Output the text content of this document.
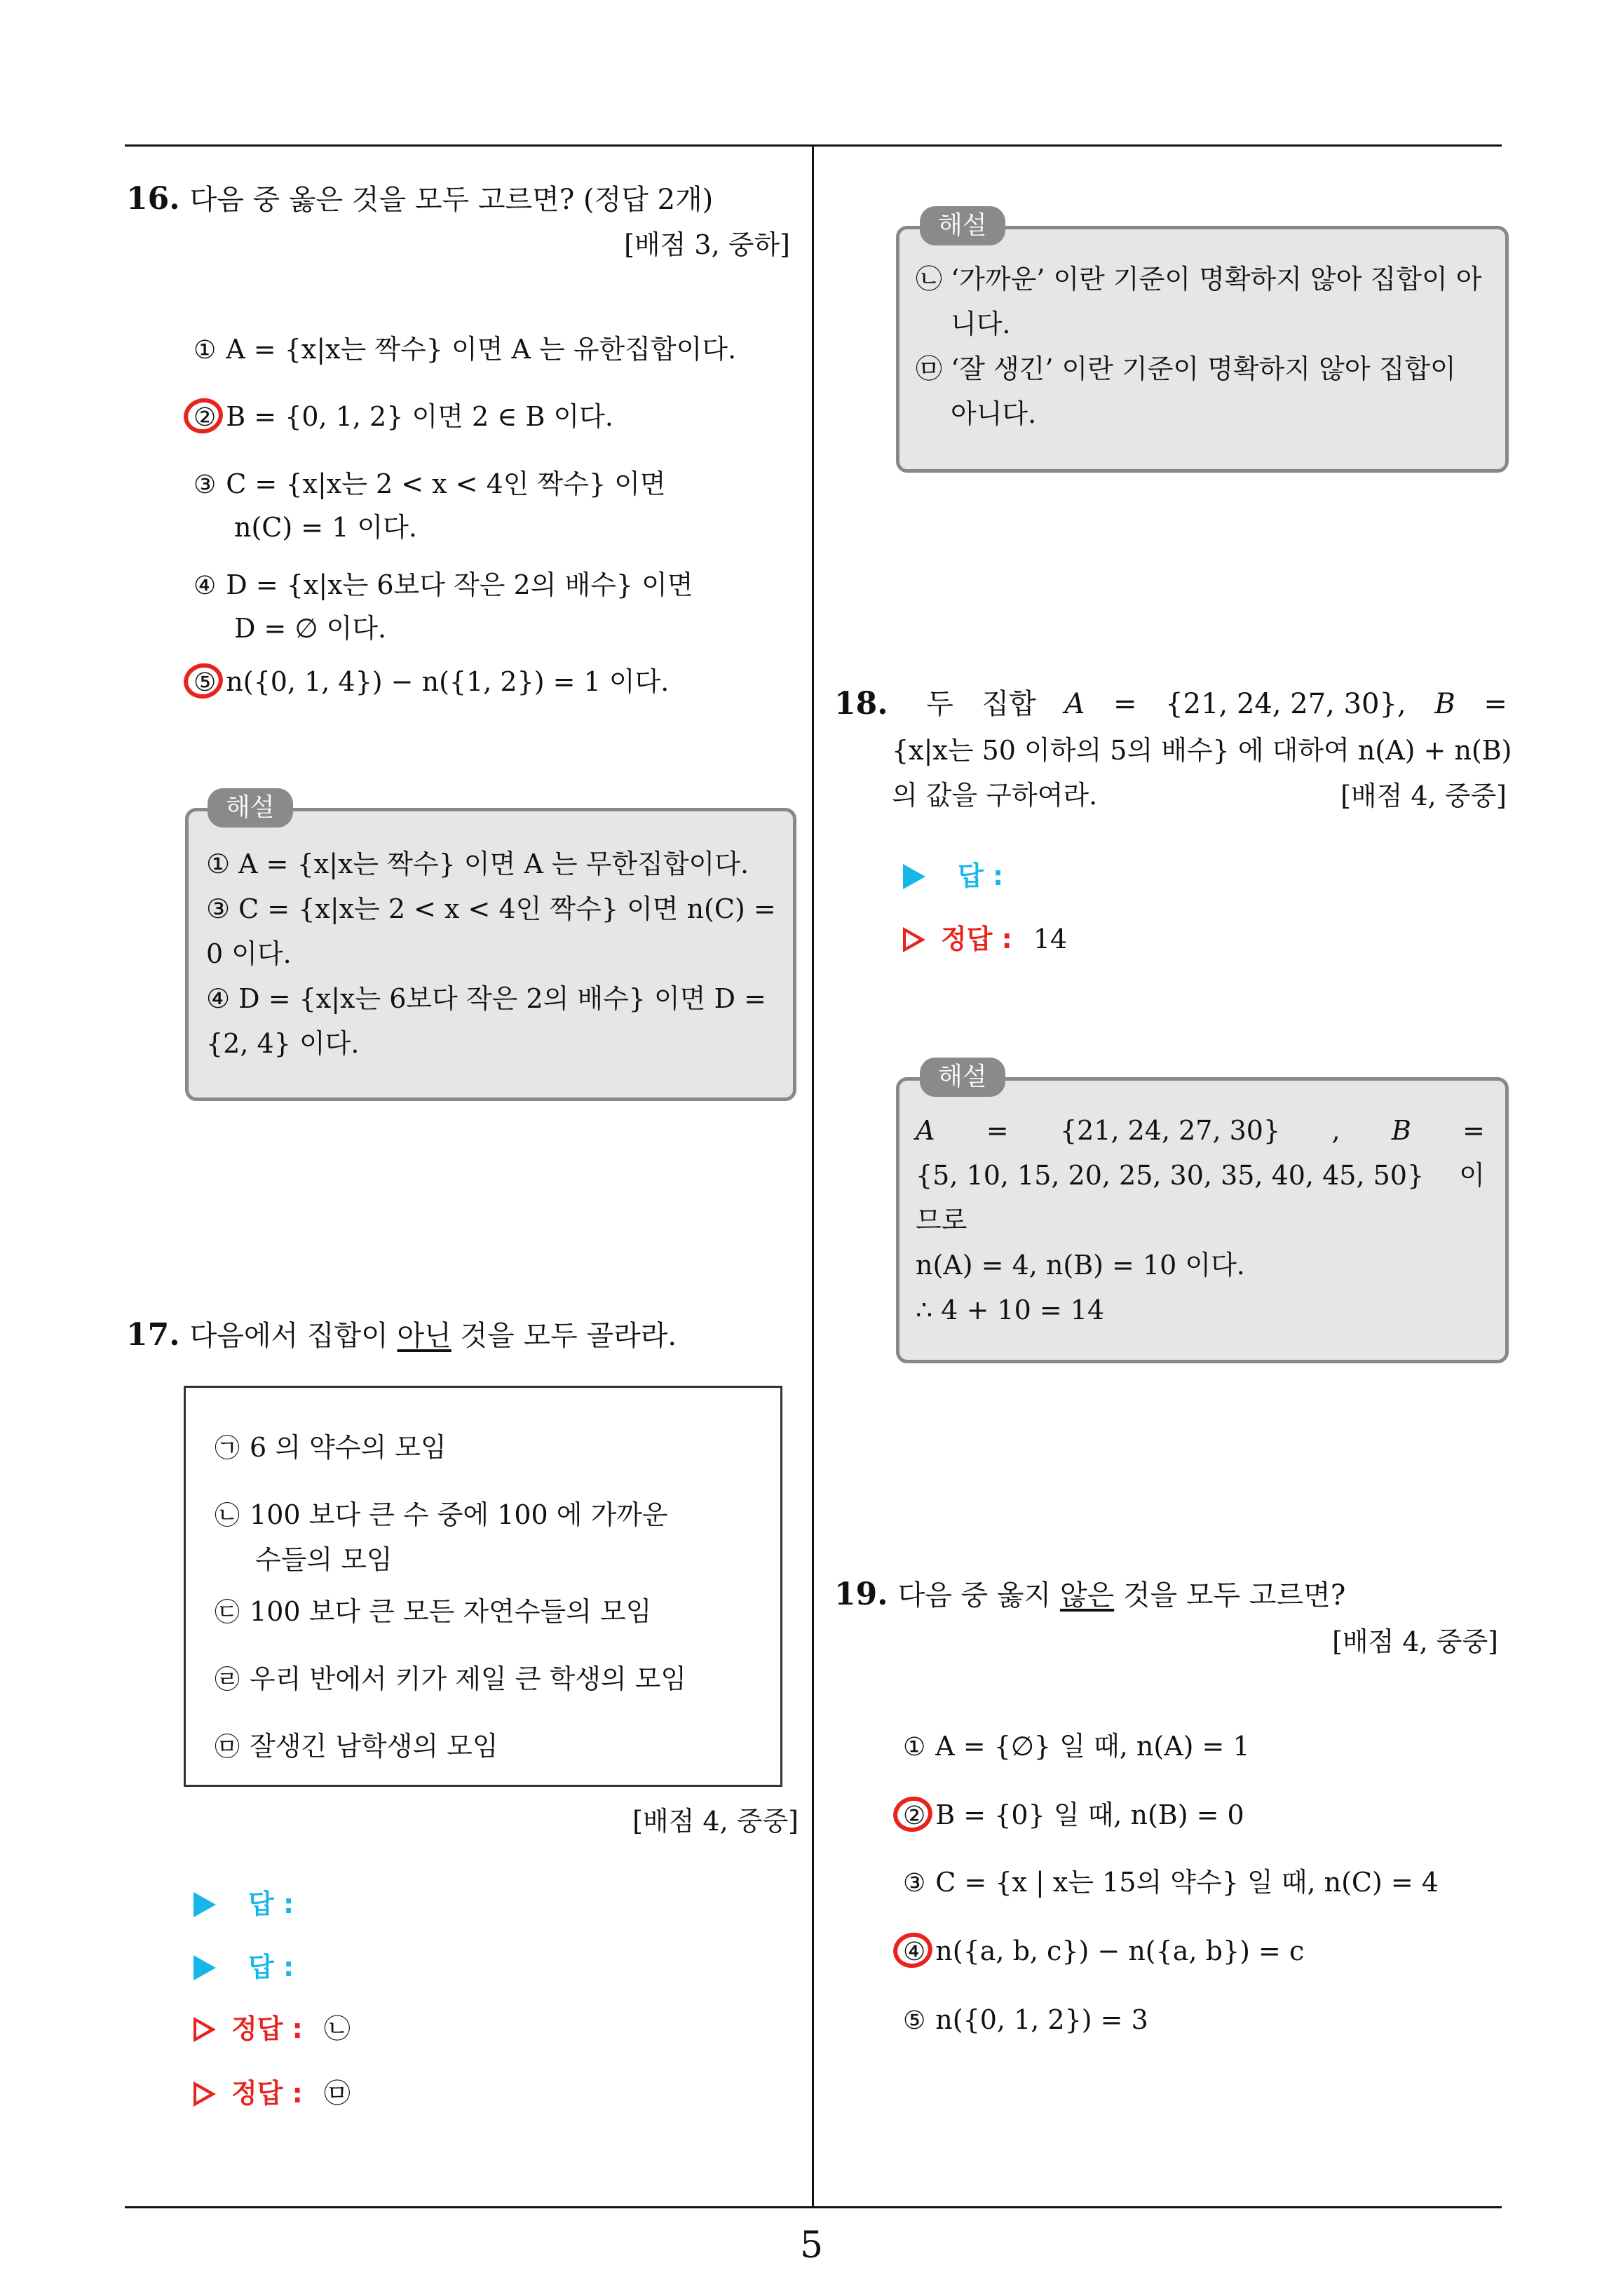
5
16. 다음 중 옳은 것을 모두 고르면? (정답 2개)
[배점 3, 중하]
① A = {x|x는 짝수} 이면 A 는 유한집합이다.
② B = {0, 1, 2} 이면 2 ∈ B 이다.
③ C = {x|x는 2 < x < 4인 짝수} 이면
n(C) = 1 이다.
④ D = {x|x는 6보다 작은 2의 배수} 이면
D = ∅ 이다.
⑤ n({0, 1, 4}) − n({1, 2}) = 1 이다.
해설
① A = {x|x는 짝수} 이면 A 는 무한집합이다.
③ C = {x|x는 2 < x < 4인 짝수} 이면 n(C) =
0 이다.
④ D = {x|x는 6보다 작은 2의 배수} 이면 D =
{2, 4} 이다.
17. 다음에서 집합이 아닌 것을 모두 골라라.
㉠ 6 의 약수의 모임
㉡ 100 보다 큰 수 중에 100 에 가까운
수들의 모임
㉢ 100 보다 큰 모든 자연수들의 모임
㉣ 우리 반에서 키가 제일 큰 학생의 모임
㉤ 잘생긴 남학생의 모임
[배점 4, 중중]
답 :
답 :
정답 : ㉡
정답 : ㉤
해설
㉡ ‘가까운’ 이란 기준이 명확하지 않아 집합이 아
니다.
㉤ ‘잘 생긴’ 이란 기준이 명확하지 않아 집합이
아니다.
18. 두 집합 A = {21, 24, 27, 30}, B =
{x|x는 50 이하의 5의 배수} 에 대하여 n(A) + n(B)
의 값을 구하여라.	[배점 4, 중중]
답 :
정답 : 14
해설
A = {21, 24, 27, 30} , B =
{5, 10, 15, 20, 25, 30, 35, 40, 45, 50} 이
므로
n(A) = 4, n(B) = 10 이다.
∴ 4 + 10 = 14
19. 다음 중 옳지 않은 것을 모두 고르면?
[배점 4, 중중]
① A = {∅} 일 때, n(A) = 1
② B = {0} 일 때, n(B) = 0
③ C = {x | x는 15의 약수} 일 때, n(C) = 4
④ n({a, b, c}) − n({a, b}) = c
⑤ n({0, 1, 2}) = 3
